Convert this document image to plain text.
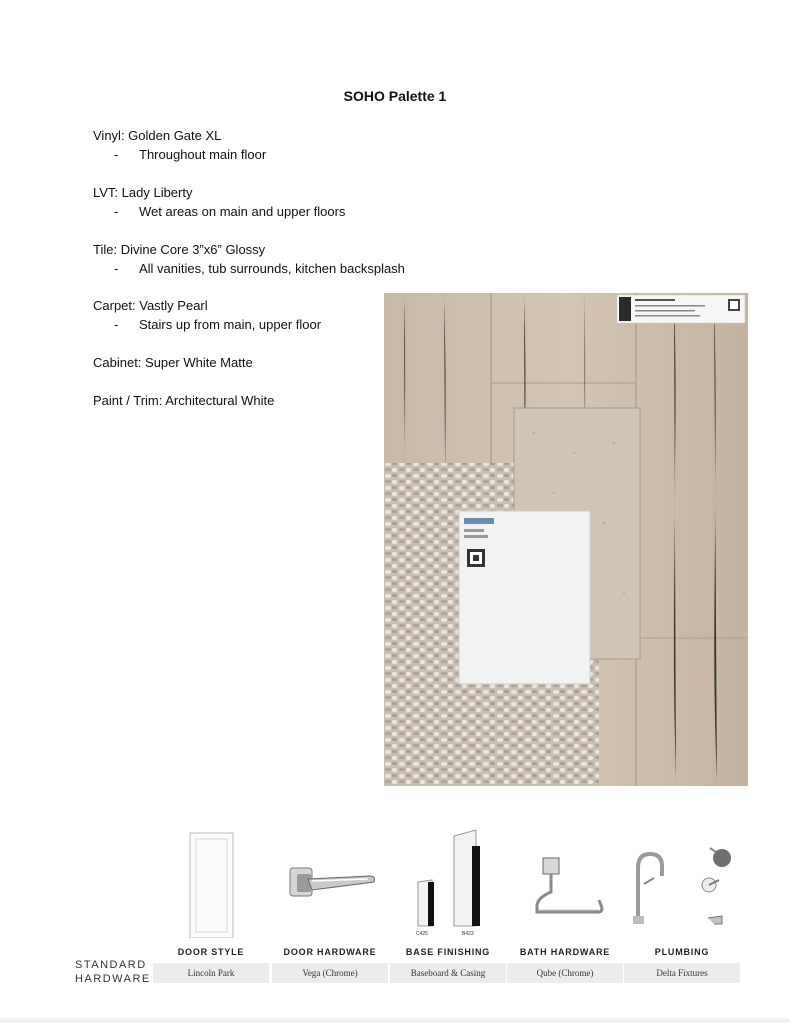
SOHO Palette 1
Vinyl: Golden Gate XL
- Throughout main floor
LVT: Lady Liberty
- Wet areas on main and upper floors
Tile: Divine Core 3”x6” Glossy
- All vanities, tub surrounds, kitchen backsplash
Carpet: Vastly Pearl
- Stairs up from main, upper floor
Cabinet: Super White Matte
Paint / Trim: Architectural White
STANDARD
HARDWARE
DOOR STYLE
Lincoln Park
DOOR HARDWARE
Vega (Chrome)
C425	B423
BASE FINISHING
Baseboard & Casing
BATH HARDWARE
Qube (Chrome)
PLUMBING
Delta Fixtures
